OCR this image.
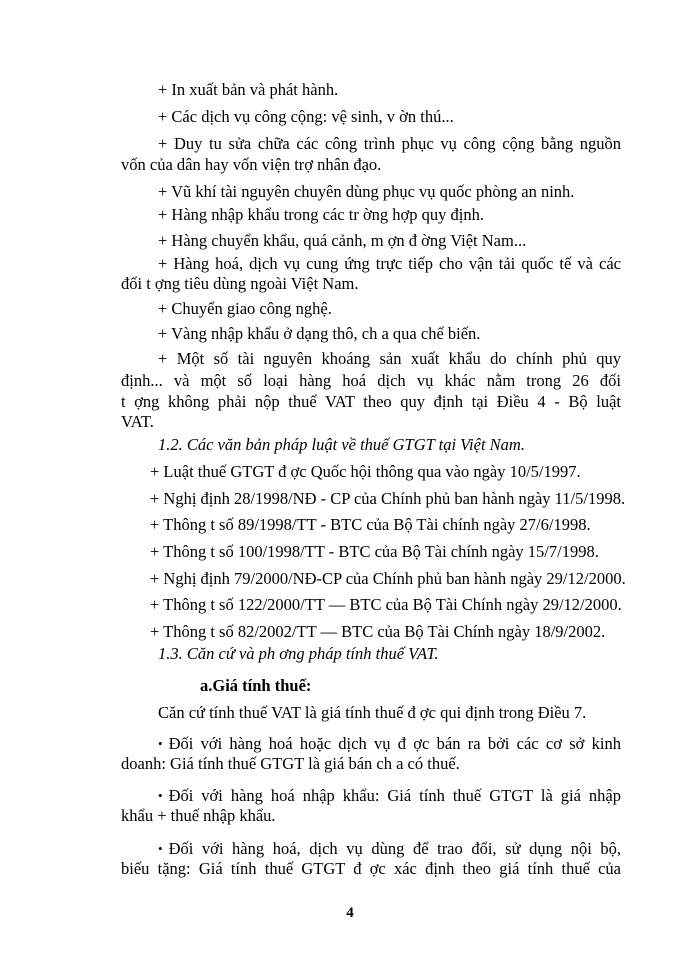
+ In xuất bản và phát hành.
+ Các dịch vụ công cộng: vệ sinh, v ờn thú...
+ Duy tu sửa chữa các công trình phục vụ công cộng bằng nguồn
vốn của dân hay vốn viện trợ nhân đạo.
+ Vũ khí tài nguyên chuyên dùng phục vụ quốc phòng an ninh.
+ Hàng nhập khẩu trong các tr ờng hợp quy định.
+ Hàng chuyển khẩu, quá cảnh, m ợn đ ờng Việt Nam...
+ Hàng hoá, dịch vụ cung ứng trực tiếp cho vận tải quốc tế và các
đối t ợng tiêu dùng ngoài Việt Nam.
+ Chuyển giao công nghệ.
+ Vàng nhập khẩu ở dạng thô, ch a qua chế biến.
+ Một số tài nguyên khoáng sản xuất khẩu do chính phủ quy
định... và một số loại hàng hoá dịch vụ khác nằm trong 26 đối
t ợng không phải nộp thuế VAT theo quy định tại Điều 4 - Bộ luật
VAT.
1.2. Các văn bản pháp luật về thuế GTGT tại Việt Nam.
+ Luật thuế GTGT đ ợc Quốc hội thông qua vào ngày 10/5/1997.
+ Nghị định 28/1998/NĐ - CP của Chính phủ ban hành ngày 11/5/1998.
+ Thông t số 89/1998/TT - BTC của Bộ Tài chính ngày 27/6/1998.
+ Thông t số 100/1998/TT - BTC của Bộ Tài chính ngày 15/7/1998.
+ Nghị định 79/2000/NĐ-CP của Chính phủ ban hành ngày 29/12/2000.
+ Thông t số 122/2000/TT — BTC của Bộ Tài Chính ngày 29/12/2000.
+ Thông t số 82/2002/TT — BTC của Bộ Tài Chính ngày 18/9/2002.
1.3. Căn cứ và ph ơng pháp tính thuế VAT.
a.Giá tính thuế:
Căn cứ tính thuế VAT là giá tính thuế đ ợc qui định trong Điều 7.
• Đối với hàng hoá hoặc dịch vụ đ ợc bán ra bởi các cơ sở kinh
doanh: Giá tính thuế GTGT là giá bán ch a có thuế.
• Đối với hàng hoá nhập khẩu: Giá tính thuế GTGT là giá nhập
khẩu + thuế nhập khẩu.
• Đối với hàng hoá, dịch vụ dùng để trao đổi, sử dụng nội bộ,
biếu tặng: Giá tính thuế GTGT đ ợc xác định theo giá tính thuế của
4
